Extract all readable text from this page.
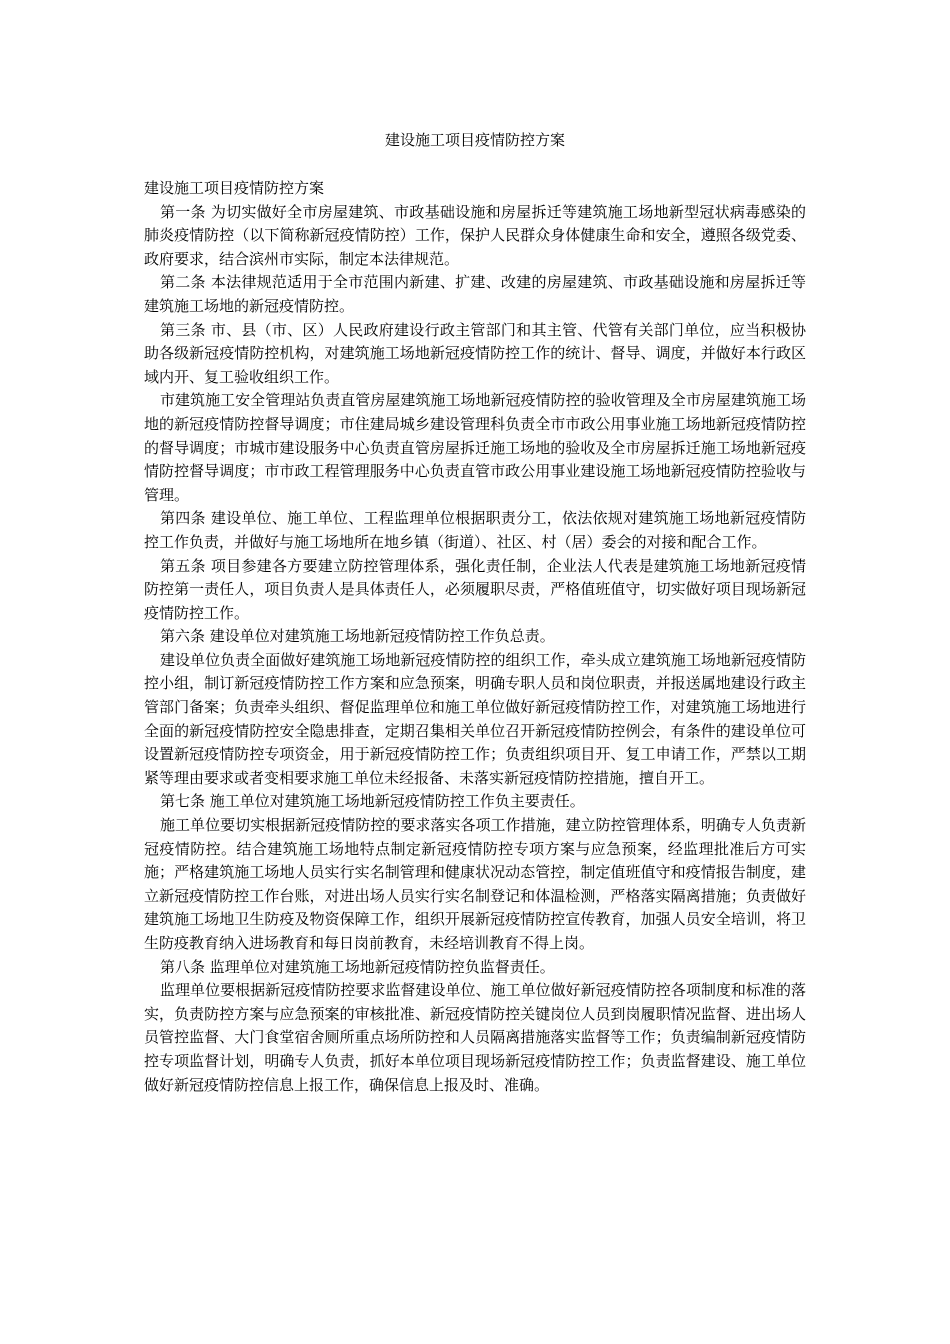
建设施工项目疫情防控方案

建设施工项目疫情防控方案

第一条 为切实做好全市房屋建筑、市政基础设施和房屋拆迁等建筑施工场地新型冠状病毒感染的肺炎疫情防控（以下简称新冠疫情防控）工作，保护人民群众身体健康生命和安全，遵照各级党委、政府要求，结合滨州市实际，制定本法律规范。

第二条 本法律规范适用于全市范围内新建、扩建、改建的房屋建筑、市政基础设施和房屋拆迁等建筑施工场地的新冠疫情防控。

第三条 市、县（市、区）人民政府建设行政主管部门和其主管、代管有关部门单位，应当积极协助各级新冠疫情防控机构，对建筑施工场地新冠疫情防控工作的统计、督导、调度，并做好本行政区域内开、复工验收组织工作。

市建筑施工安全管理站负责直管房屋建筑施工场地新冠疫情防控的验收管理及全市房屋建筑施工场地的新冠疫情防控督导调度；市住建局城乡建设管理科负责全市市政公用事业施工场地新冠疫情防控的督导调度；市城市建设服务中心负责直管房屋拆迁施工场地的验收及全市房屋拆迁施工场地新冠疫情防控督导调度；市市政工程管理服务中心负责直管市政公用事业建设施工场地新冠疫情防控验收与管理。

第四条 建设单位、施工单位、工程监理单位根据职责分工，依法依规对建筑施工场地新冠疫情防控工作负责，并做好与施工场地所在地乡镇（街道）、社区、村（居）委会的对接和配合工作。

第五条 项目参建各方要建立防控管理体系，强化责任制，企业法人代表是建筑施工场地新冠疫情防控第一责任人，项目负责人是具体责任人，必须履职尽责，严格值班值守，切实做好项目现场新冠疫情防控工作。

第六条 建设单位对建筑施工场地新冠疫情防控工作负总责。

建设单位负责全面做好建筑施工场地新冠疫情防控的组织工作，牵头成立建筑施工场地新冠疫情防控小组，制订新冠疫情防控工作方案和应急预案，明确专职人员和岗位职责，并报送属地建设行政主管部门备案；负责牵头组织、督促监理单位和施工单位做好新冠疫情防控工作，对建筑施工场地进行全面的新冠疫情防控安全隐患排查，定期召集相关单位召开新冠疫情防控例会，有条件的建设单位可设置新冠疫情防控专项资金，用于新冠疫情防控工作；负责组织项目开、复工申请工作，严禁以工期紧等理由要求或者变相要求施工单位未经报备、未落实新冠疫情防控措施，擅自开工。

第七条 施工单位对建筑施工场地新冠疫情防控工作负主要责任。

施工单位要切实根据新冠疫情防控的要求落实各项工作措施，建立防控管理体系，明确专人负责新冠疫情防控。结合建筑施工场地特点制定新冠疫情防控专项方案与应急预案，经监理批准后方可实施；严格建筑施工场地人员实行实名制管理和健康状况动态管控，制定值班值守和疫情报告制度，建立新冠疫情防控工作台账，对进出场人员实行实名制登记和体温检测，严格落实隔离措施；负责做好建筑施工场地卫生防疫及物资保障工作，组织开展新冠疫情防控宣传教育，加强人员安全培训，将卫生防疫教育纳入进场教育和每日岗前教育，未经培训教育不得上岗。

第八条 监理单位对建筑施工场地新冠疫情防控负监督责任。

监理单位要根据新冠疫情防控要求监督建设单位、施工单位做好新冠疫情防控各项制度和标准的落实，负责防控方案与应急预案的审核批准、新冠疫情防控关键岗位人员到岗履职情况监督、进出场人员管控监督、大门食堂宿舍厕所重点场所防控和人员隔离措施落实监督等工作；负责编制新冠疫情防控专项监督计划，明确专人负责，抓好本单位项目现场新冠疫情防控工作；负责监督建设、施工单位做好新冠疫情防控信息上报工作，确保信息上报及时、准确。
